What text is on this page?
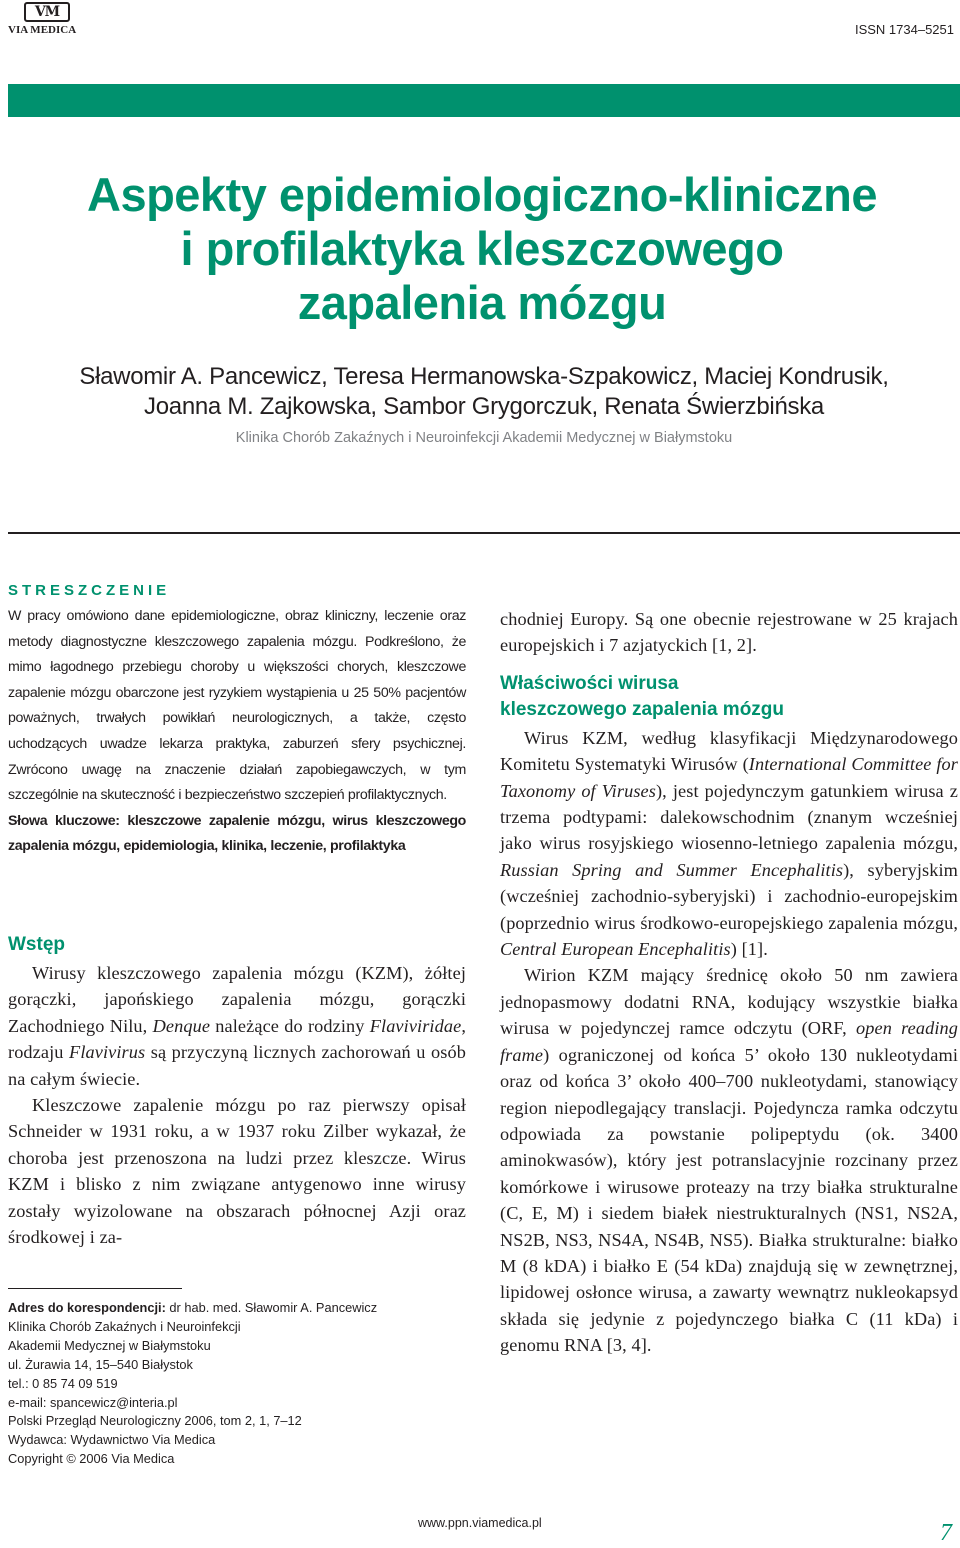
VM
VIA MEDICA	ISSN 1734–5251
Aspekty epidemiologiczno-kliniczne
i profilaktyka kleszczowego
zapalenia mózgu
Sławomir A. Pancewicz, Teresa Hermanowska-Szpakowicz, Maciej Kondrusik,
Joanna M. Zajkowska, Sambor Grygorczuk, Renata Świerzbińska
Klinika Chorób Zakaźnych i Neuroinfekcji Akademii Medycznej w Białymstoku
STRESZCZENIE

W pracy omówiono dane epidemiologiczne, obraz kliniczny, leczenie oraz metody diagnostyczne kleszczowego zapalenia mózgu. Podkreślono, że mimo łagodnego przebiegu choroby u większości chorych, kleszczowe zapalenie mózgu obarczone jest ryzykiem wystąpienia u 25 50% pacjentów poważnych, trwałych powikłań neurologicznych, a także, często uchodzących uwadze lekarza praktyka, zaburzeń sfery psychicznej. Zwrócono uwagę na znaczenie działań zapobiegawczych, w tym szczególnie na skuteczność i bezpieczeństwo szczepień profilaktycznych.

Słowa kluczowe: kleszczowe zapalenie mózgu, wirus kleszczowego zapalenia mózgu, epidemiologia, klinika, leczenie, profilaktyka

Wstęp

Wirusy kleszczowego zapalenia mózgu (KZM), żółtej gorączki, japońskiego zapalenia mózgu, gorączki Zachodniego Nilu, Denque należące do rodziny Flaviviridae, rodzaju Flavivirus są przyczyną licznych zachorowań u osób na całym świecie.

Kleszczowe zapalenie mózgu po raz pierwszy opisał Schneider w 1931 roku, a w 1937 roku Zilber wykazał, że choroba jest przenoszona na ludzi przez kleszcze. Wirus KZM i blisko z nim związane antygenowo inne wirusy zostały wyizolowane na obszarach północnej Azji oraz środkowej i za-

Adres do korespondencji: dr hab. med. Sławomir A. Pancewicz
Klinika Chorób Zakaźnych i Neuroinfekcji
Akademii Medycznej w Białymstoku
ul. Żurawia 14, 15–540 Białystok
tel.: 0 85 74 09 519
e-mail: spancewicz@interia.pl
Polski Przegląd Neurologiczny 2006, tom 2, 1, 7–12
Wydawca: Wydawnictwo Via Medica
Copyright © 2006 Via Medica

chodniej Europy. Są one obecnie rejestrowane w 25 krajach europejskich i 7 azjatyckich [1, 2].

Właściwości wirusa
kleszczowego zapalenia mózgu

Wirus KZM, według klasyfikacji Międzynarodowego Komitetu Systematyki Wirusów (International Committee for Taxonomy of Viruses), jest pojedynczym gatunkiem wirusa z trzema podtypami: dalekowschodnim (znanym wcześniej jako wirus rosyjskiego wiosenno-letniego zapalenia mózgu, Russian Spring and Summer Encephalitis), syberyjskim (wcześniej zachodnio-syberyjski) i zachodnio-europejskim (poprzednio wirus środkowo-europejskiego zapalenia mózgu, Central European Encephalitis) [1].

Wirion KZM mający średnicę około 50 nm zawiera jednopasmowy dodatni RNA, kodujący wszystkie białka wirusa w pojedynczej ramce odczytu (ORF, open reading frame) ograniczonej od końca 5’ około 130 nukleotydami oraz od końca 3’ około 400–700 nukleotydami, stanowiący region niepodlegający translacji. Pojedyncza ramka odczytu odpowiada za powstanie polipeptydu (ok. 3400 aminokwasów), który jest potranslacyjnie rozcinany przez komórkowe i wirusowe proteazy na trzy białka strukturalne (C, E, M) i siedem białek niestrukturalnych (NS1, NS2A, NS2B, NS3, NS4A, NS4B, NS5). Białka strukturalne: białko M (8 kDA) i białko E (54 kDa) znajdują się w zewnętrznej, lipidowej osłonce wirusa, a zawarty wewnątrz nukleokapsyd składa się jedynie z pojedynczego białka C (11 kDa) i genomu RNA [3, 4].

www.ppn.viamedica.pl	7
